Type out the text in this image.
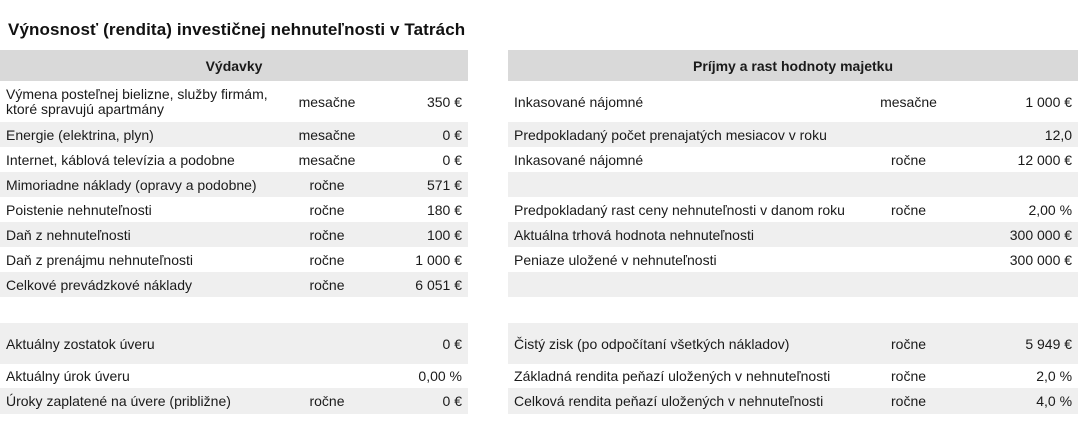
Výnosnosť (rendita) investičnej nehnuteľnosti v Tatrách
Výdavky				Príjmy a rast hodnoty majetku		
Výmena posteľnej bielizne, služby firmám, ktoré spravujú apartmány	mesačne	350 €		Inkasované nájomné	mesačne	1 000 €
Energie (elektrina, plyn)	mesačne	0 €		Predpokladaný počet prenajatých mesiacov v roku		12,0
Internet, káblová televízia a podobne	mesačne	0 €		Inkasované nájomné	ročne	12 000 €
Mimoriadne náklady (opravy a podobne)	ročne	571 €				
Poistenie nehnuteľnosti	ročne	180 €		Predpokladaný rast ceny nehnuteľnosti v danom roku	ročne	2,00 %
Daň z nehnuteľnosti	ročne	100 €		Aktuálna trhová hodnota nehnuteľnosti		300 000 €
Daň z prenájmu nehnuteľnosti	ročne	1 000 €		Peniaze uložené v nehnuteľnosti		300 000 €
Celkové prevádzkové náklady	ročne	6 051 €				

Aktuálny zostatok úveru		0 €		Čistý zisk (po odpočítaní všetkých nákladov)	ročne	5 949 €
Aktuálny úrok úveru		0,00 %		Základná rendita peňazí uložených v nehnuteľnosti	ročne	2,0 %
Úroky zaplatené na úvere (približne)	ročne	0 €		Celková rendita peňazí uložených v nehnuteľnosti	ročne	4,0 %
